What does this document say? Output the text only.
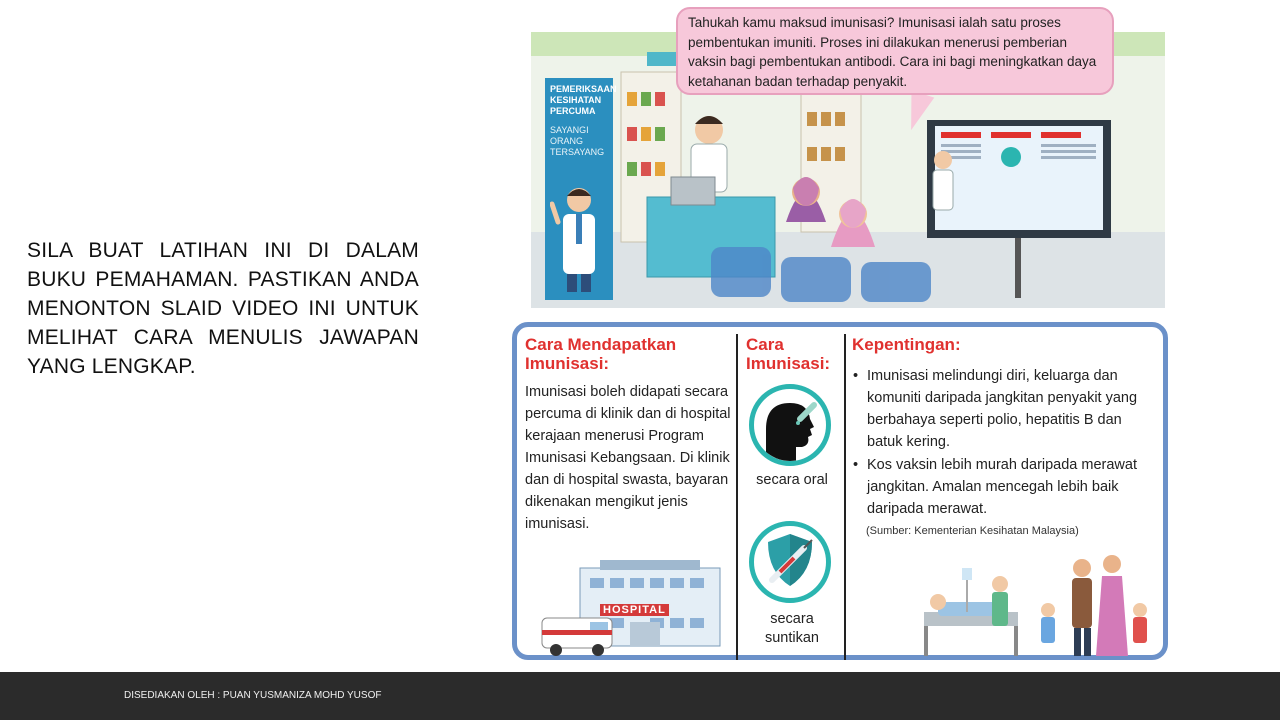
SILA BUAT LATIHAN INI DI DALAM BUKU PEMAHAMAN. PASTIKAN ANDA MENONTON SLAID VIDEO INI UNTUK MELIHAT CARA MENULIS JAWAPAN YANG LENGKAP.
PEMERIKSAAN KESIHATAN PERCUMA
SAYANGI ORANG TERSAYANG
Tahukah kamu maksud imunisasi? Imunisasi ialah satu proses pembentukan imuniti. Proses ini dilakukan menerusi pemberian vaksin bagi pembentukan antibodi. Cara ini bagi meningkatkan daya ketahanan badan terhadap penyakit.
Cara Mendapatkan Imunisasi:
Imunisasi boleh didapati secara percuma di klinik dan di hospital kerajaan menerusi Program Imunisasi Kebangsaan. Di klinik dan di hospital swasta, bayaran dikenakan mengikut jenis imunisasi.
HOSPITAL
Cara Imunisasi:
secara oral
secara suntikan
Kepentingan:
• Imunisasi melindungi diri, keluarga dan komuniti daripada jangkitan penyakit yang berbahaya seperti polio, hepatitis B dan batuk kering.
• Kos vaksin lebih murah daripada merawat jangkitan. Amalan mencegah lebih baik daripada merawat.
(Sumber: Kementerian Kesihatan Malaysia)
DISEDIAKAN OLEH : PUAN YUSMANIZA MOHD YUSOF
